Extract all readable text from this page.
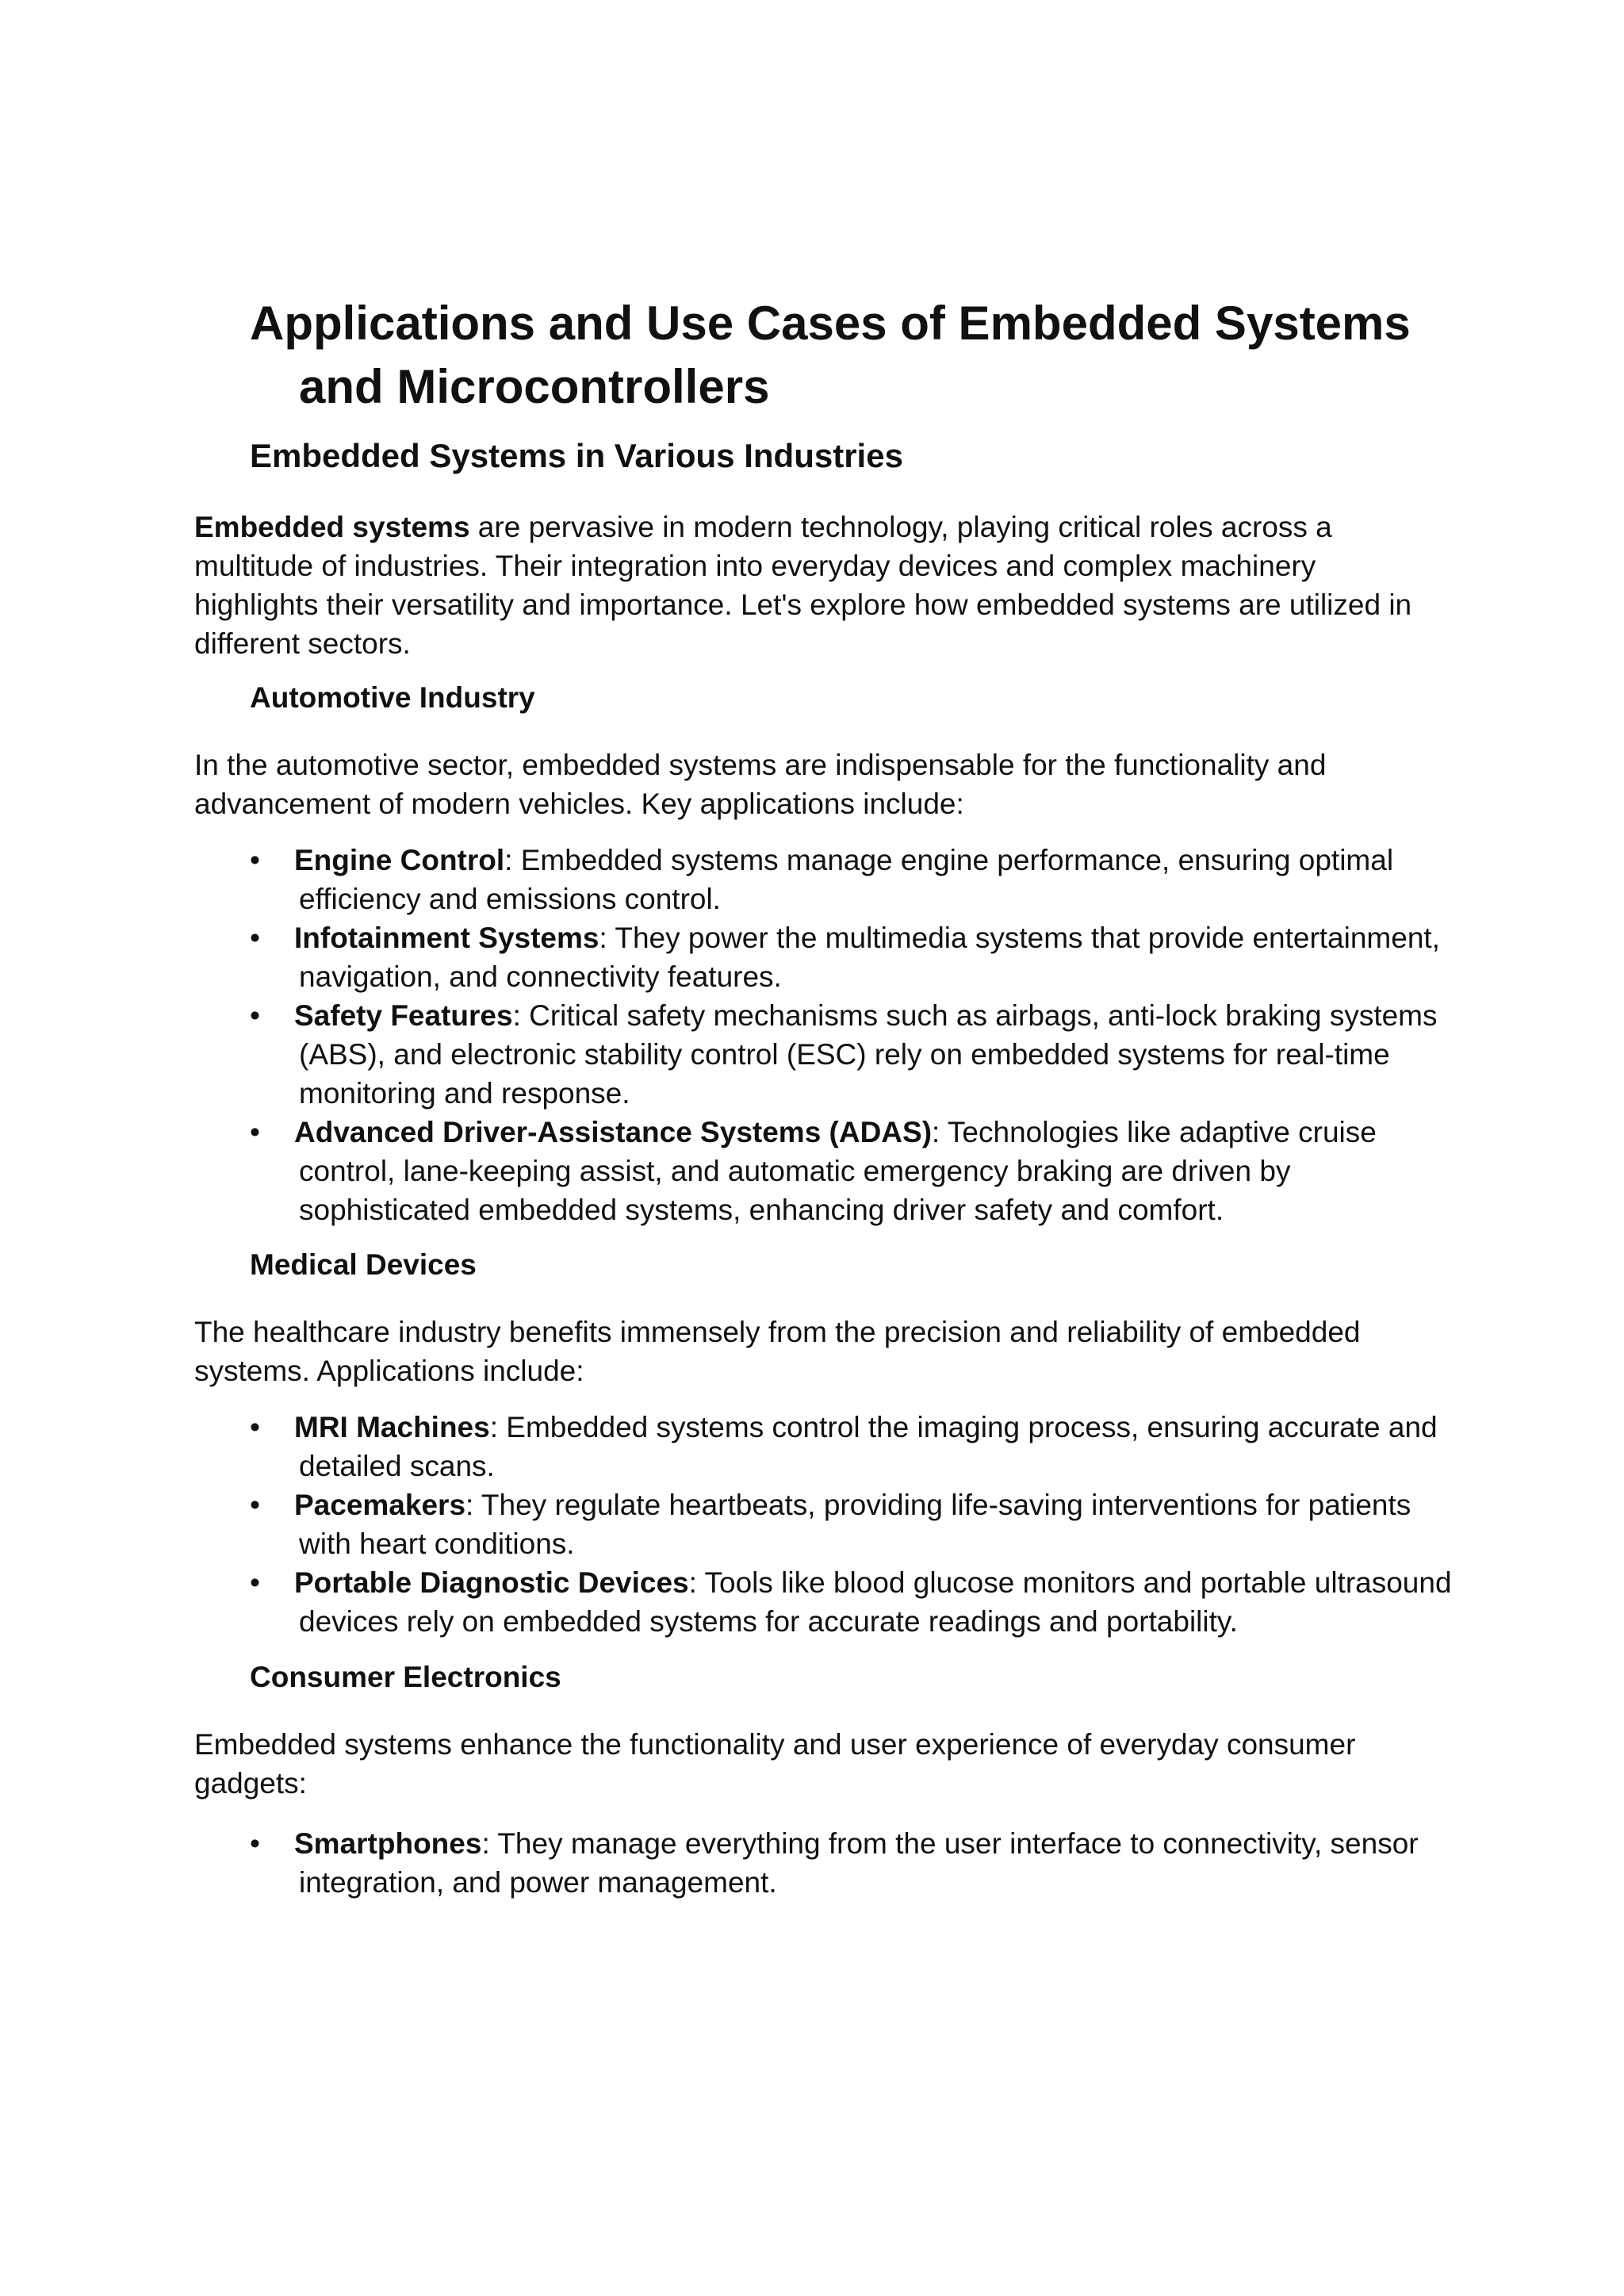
Applications and Use Cases of Embedded Systems
and Microcontrollers
Embedded Systems in Various Industries

Embedded systems are pervasive in modern technology, playing critical roles across a multitude of industries. Their integration into everyday devices and complex machinery highlights their versatility and importance. Let's explore how embedded systems are utilized in different sectors.

Automotive Industry

In the automotive sector, embedded systems are indispensable for the functionality and advancement of modern vehicles. Key applications include:

• Engine Control: Embedded systems manage engine performance, ensuring optimal efficiency and emissions control.
• Infotainment Systems: They power the multimedia systems that provide entertainment, navigation, and connectivity features.
• Safety Features: Critical safety mechanisms such as airbags, anti-lock braking systems (ABS), and electronic stability control (ESC) rely on embedded systems for real-time monitoring and response.
• Advanced Driver-Assistance Systems (ADAS): Technologies like adaptive cruise control, lane-keeping assist, and automatic emergency braking are driven by sophisticated embedded systems, enhancing driver safety and comfort.
Medical Devices

The healthcare industry benefits immensely from the precision and reliability of embedded systems. Applications include:

• MRI Machines: Embedded systems control the imaging process, ensuring accurate and detailed scans.
• Pacemakers: They regulate heartbeats, providing life-saving interventions for patients with heart conditions.
• Portable Diagnostic Devices: Tools like blood glucose monitors and portable ultrasound devices rely on embedded systems for accurate readings and portability.
Consumer Electronics

Embedded systems enhance the functionality and user experience of everyday consumer gadgets:

• Smartphones: They manage everything from the user interface to connectivity, sensor integration, and power management.
